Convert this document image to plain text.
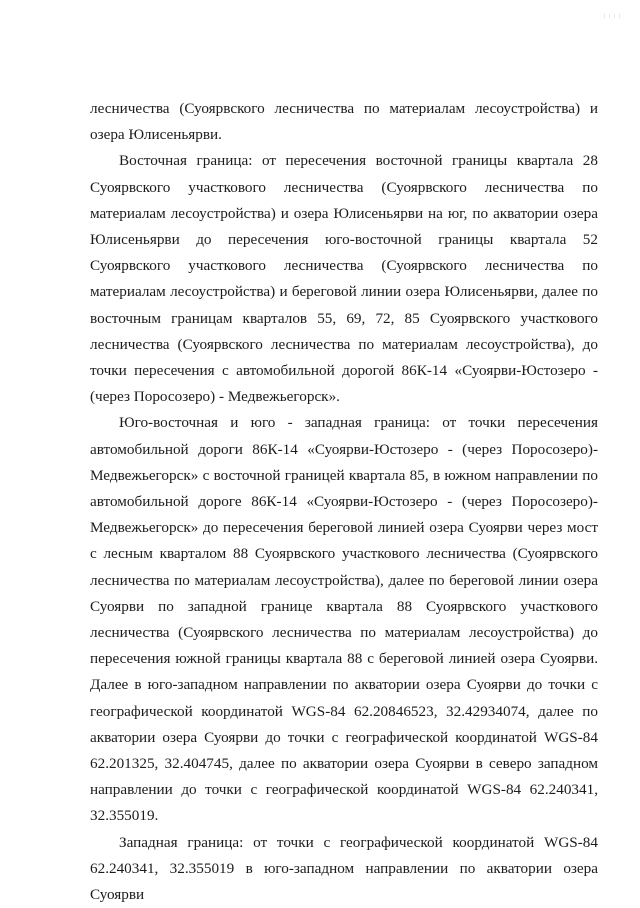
лесничества (Суоярвского лесничества по материалам лесоустройства) и озера Юлисеньярви.

Восточная граница: от пересечения восточной границы квартала 28 Суоярвского участкового лесничества (Суоярвского лесничества по материалам лесоустройства) и озера Юлисеньярви на юг, по акватории озера Юлисеньярви до пересечения юго-восточной границы квартала 52 Суоярвского участкового лесничества (Суоярвского лесничества по материалам лесоустройства) и береговой линии озера Юлисеньярви, далее по восточным границам кварталов 55, 69, 72, 85 Суоярвского участкового лесничества (Суоярвского лесничества по материалам лесоустройства), до точки пересечения с автомобильной дорогой 86К-14 «Суоярви-Юстозеро - (через Поросозеро) - Медвежьегорск».

Юго-восточная и юго - западная граница: от точки пересечения автомобильной дороги 86К-14 «Суоярви-Юстозеро - (через Поросозеро)-Медвежьегорск» с восточной границей квартала 85, в южном направлении по автомобильной дороге 86К-14 «Суоярви-Юстозеро - (через Поросозеро)-Медвежьегорск» до пересечения береговой линией озера Суоярви через мост с лесным кварталом 88 Суоярвского участкового лесничества (Суоярвского лесничества по материалам лесоустройства), далее по береговой линии озера Суоярви по западной границе квартала 88 Суоярвского участкового лесничества (Суоярвского лесничества по материалам лесоустройства) до пересечения южной границы квартала 88 с береговой линией озера Суоярви. Далее в юго-западном направлении по акватории озера Суоярви до точки с географической координатой WGS-84 62.20846523, 32.42934074, далее по акватории озера Суоярви до точки с географической координатой WGS-84 62.201325, 32.404745, далее по акватории озера Суоярви в северо западном направлении до точки с географической координатой WGS-84 62.240341, 32.355019.

Западная граница: от точки с географической координатой WGS-84 62.240341, 32.355019 в юго-западном направлении по акватории озера Суоярви
